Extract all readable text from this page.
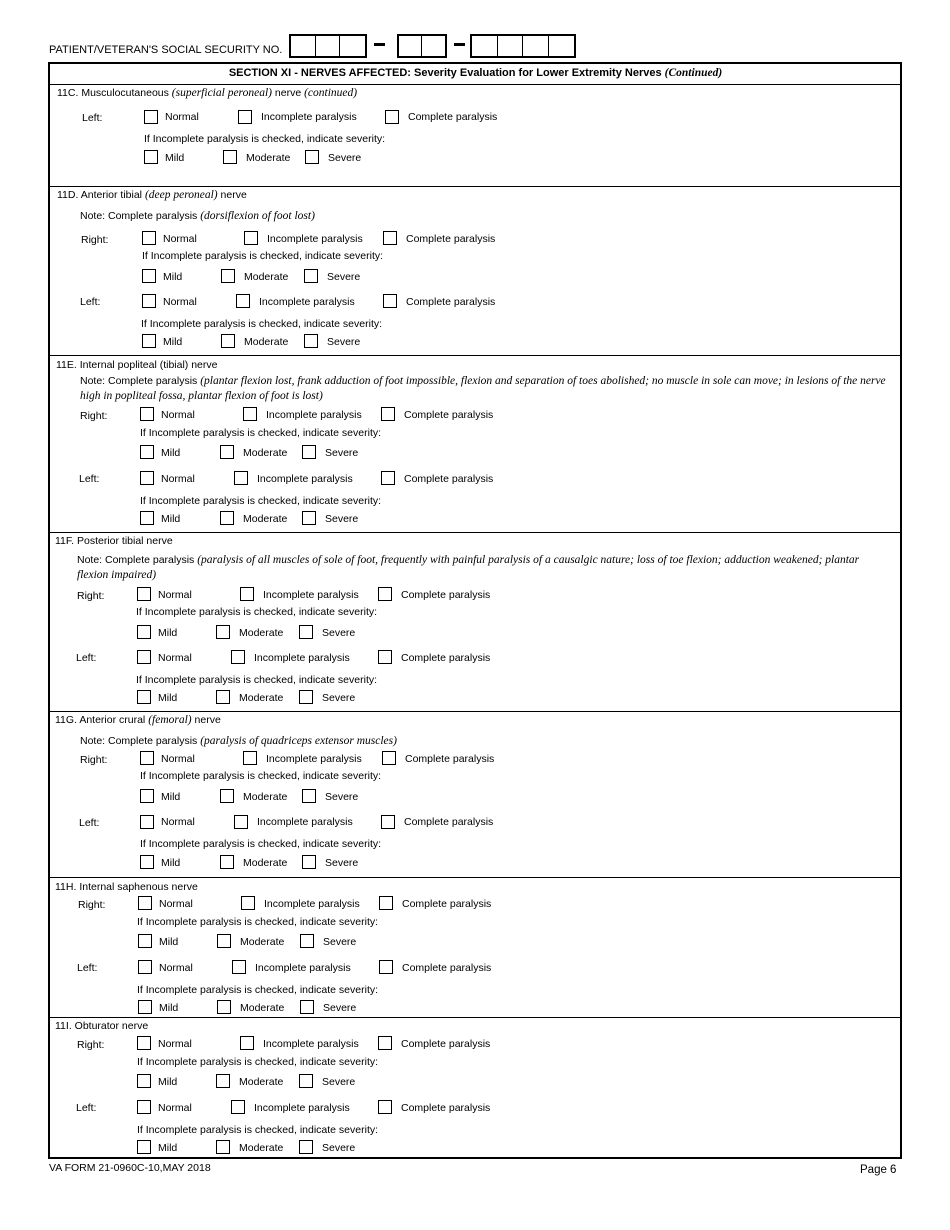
PATIENT/VETERAN'S SOCIAL SECURITY NO.
SECTION XI - NERVES AFFECTED: Severity Evaluation for Lower Extremity Nerves (Continued)
11C. Musculocutaneous (superficial peroneal) nerve (continued)
Left:	Normal	Incomplete paralysis	Complete paralysis
If Incomplete paralysis is checked, indicate severity:
Mild	Moderate	Severe
11D. Anterior tibial (deep peroneal) nerve
Note: Complete paralysis (dorsiflexion of foot lost)
Right:	Normal	Incomplete paralysis	Complete paralysis
If Incomplete paralysis is checked, indicate severity:
Mild	Moderate	Severe
Left:	Normal	Incomplete paralysis	Complete paralysis
If Incomplete paralysis is checked, indicate severity:
Mild	Moderate	Severe
11E. Internal popliteal (tibial) nerve
Note: Complete paralysis (plantar flexion lost, frank adduction of foot impossible, flexion and separation of toes abolished; no muscle in sole can move; in lesions of the nerve high in popliteal fossa, plantar flexion of foot is lost)
Right:	Normal	Incomplete paralysis	Complete paralysis
If Incomplete paralysis is checked, indicate severity:
Mild	Moderate	Severe
Left:	Normal	Incomplete paralysis	Complete paralysis
If Incomplete paralysis is checked, indicate severity:
Mild	Moderate	Severe
11F. Posterior tibial nerve
Note: Complete paralysis (paralysis of all muscles of sole of foot, frequently with painful paralysis of a causalgic nature; loss of toe flexion; adduction weakened; plantar flexion impaired)
Right:	Normal	Incomplete paralysis	Complete paralysis
If Incomplete paralysis is checked, indicate severity:
Mild	Moderate	Severe
Left:	Normal	Incomplete paralysis	Complete paralysis
If Incomplete paralysis is checked, indicate severity:
Mild	Moderate	Severe
11G. Anterior crural (femoral) nerve
Note: Complete paralysis (paralysis of quadriceps extensor muscles)
Right:	Normal	Incomplete paralysis	Complete paralysis
If Incomplete paralysis is checked, indicate severity:
Mild	Moderate	Severe
Left:	Normal	Incomplete paralysis	Complete paralysis
If Incomplete paralysis is checked, indicate severity:
Mild	Moderate	Severe
11H. Internal saphenous nerve
Right:	Normal	Incomplete paralysis	Complete paralysis
If Incomplete paralysis is checked, indicate severity:
Mild	Moderate	Severe
Left:	Normal	Incomplete paralysis	Complete paralysis
If Incomplete paralysis is checked, indicate severity:
Mild	Moderate	Severe
11I. Obturator nerve
Right:	Normal	Incomplete paralysis	Complete paralysis
If Incomplete paralysis is checked, indicate severity:
Mild	Moderate	Severe
Left:	Normal	Incomplete paralysis	Complete paralysis
If Incomplete paralysis is checked, indicate severity:
Mild	Moderate	Severe
VA FORM 21-0960C-10,MAY 2018	Page 6
